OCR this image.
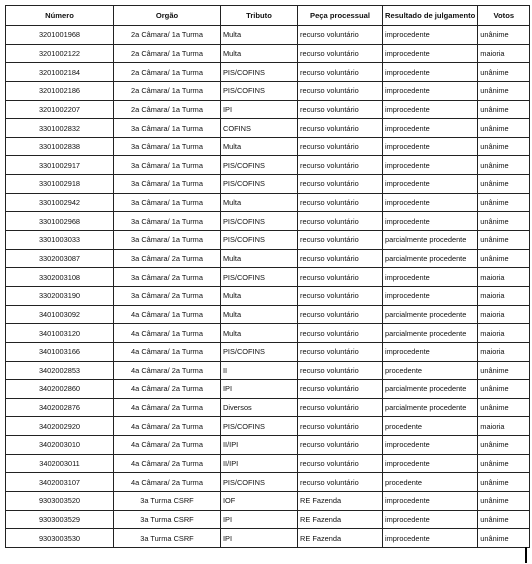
Número	Orgão	Tributo	Peça processual	Resultado de julgamento	Votos
3201001968	2a Câmara/ 1a Turma	Multa	recurso voluntário	improcedente	unânime
3201002122	2a Câmara/ 1a Turma	Multa	recurso voluntário	improcedente	maioria
3201002184	2a Câmara/ 1a Turma	PIS/COFINS	recurso voluntário	improcedente	unânime
3201002186	2a Câmara/ 1a Turma	PIS/COFINS	recurso voluntário	improcedente	unânime
3201002207	2a Câmara/ 1a Turma	IPI	recurso voluntário	improcedente	unânime
3301002832	3a Câmara/ 1a Turma	COFINS	recurso voluntário	improcedente	unânime
3301002838	3a Câmara/ 1a Turma	Multa	recurso voluntário	improcedente	unânime
3301002917	3a Câmara/ 1a Turma	PIS/COFINS	recurso voluntário	improcedente	unânime
3301002918	3a Câmara/ 1a Turma	PIS/COFINS	recurso voluntário	improcedente	unânime
3301002942	3a Câmara/ 1a Turma	Multa	recurso voluntário	improcedente	unânime
3301002968	3a Câmara/ 1a Turma	PIS/COFINS	recurso voluntário	improcedente	unânime
3301003033	3a Câmara/ 1a Turma	PIS/COFINS	recurso voluntário	parcialmente procedente	unânime
3302003087	3a Câmara/ 2a Turma	Multa	recurso voluntário	parcialmente procedente	unânime
3302003108	3a Câmara/ 2a Turma	PIS/COFINS	recurso voluntário	improcedente	maioria
3302003190	3a Câmara/ 2a Turma	Multa	recurso voluntário	improcedente	maioria
3401003092	4a Câmara/ 1a Turma	Multa	recurso voluntário	parcialmente procedente	maioria
3401003120	4a Câmara/ 1a Turma	Multa	recurso voluntário	parcialmente procedente	maioria
3401003166	4a Câmara/ 1a Turma	PIS/COFINS	recurso voluntário	improcedente	maioria
3402002853	4a Câmara/ 2a Turma	II	recurso voluntário	procedente	unânime
3402002860	4a Câmara/ 2a Turma	IPI	recurso voluntário	parcialmente procedente	unânime
3402002876	4a Câmara/ 2a Turma	Diversos	recurso voluntário	parcialmente procedente	unânime
3402002920	4a Câmara/ 2a Turma	PIS/COFINS	recurso voluntário	procedente	maioria
3402003010	4a Câmara/ 2a Turma	II/IPI	recurso voluntário	improcedente	unânime
3402003011	4a Câmara/ 2a Turma	II/IPI	recurso voluntário	improcedente	unânime
3402003107	4a Câmara/ 2a Turma	PIS/COFINS	recurso voluntário	procedente	unânime
9303003520	3a Turma CSRF	IOF	RE Fazenda	improcedente	unânime
9303003529	3a Turma CSRF	IPI	RE Fazenda	improcedente	unânime
9303003530	3a Turma CSRF	IPI	RE Fazenda	improcedente	unânime
